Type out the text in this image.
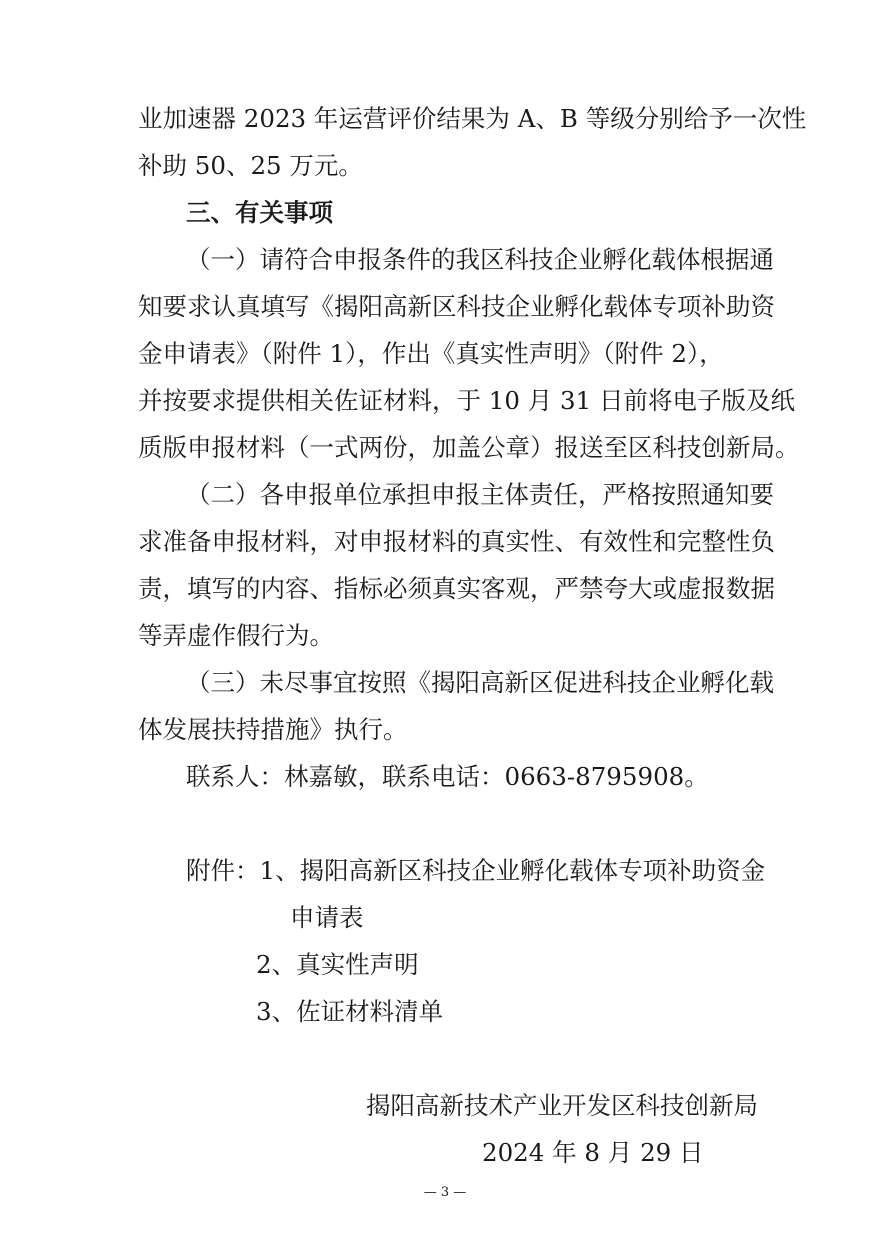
业加速器 2023 年运营评价结果为 A、B 等级分别给予一次性
补助 50、25 万元。
三、有关事项
（一）请符合申报条件的我区科技企业孵化载体根据通
知要求认真填写《揭阳高新区科技企业孵化载体专项补助资
金申请表》（附件 1），作出《真实性声明》（附件 2），
并按要求提供相关佐证材料，于 10 月 31 日前将电子版及纸
质版申报材料（一式两份，加盖公章）报送至区科技创新局。
（二）各申报单位承担申报主体责任，严格按照通知要
求准备申报材料，对申报材料的真实性、有效性和完整性负
责，填写的内容、指标必须真实客观，严禁夸大或虚报数据
等弄虚作假行为。
（三）未尽事宜按照《揭阳高新区促进科技企业孵化载
体发展扶持措施》执行。
联系人：林嘉敏，联系电话：0663-8795908。
附件：1、揭阳高新区科技企业孵化载体专项补助资金
申请表
2、真实性声明
3、佐证材料清单
揭阳高新技术产业开发区科技创新局
2024 年 8 月 29 日
— 3 —
